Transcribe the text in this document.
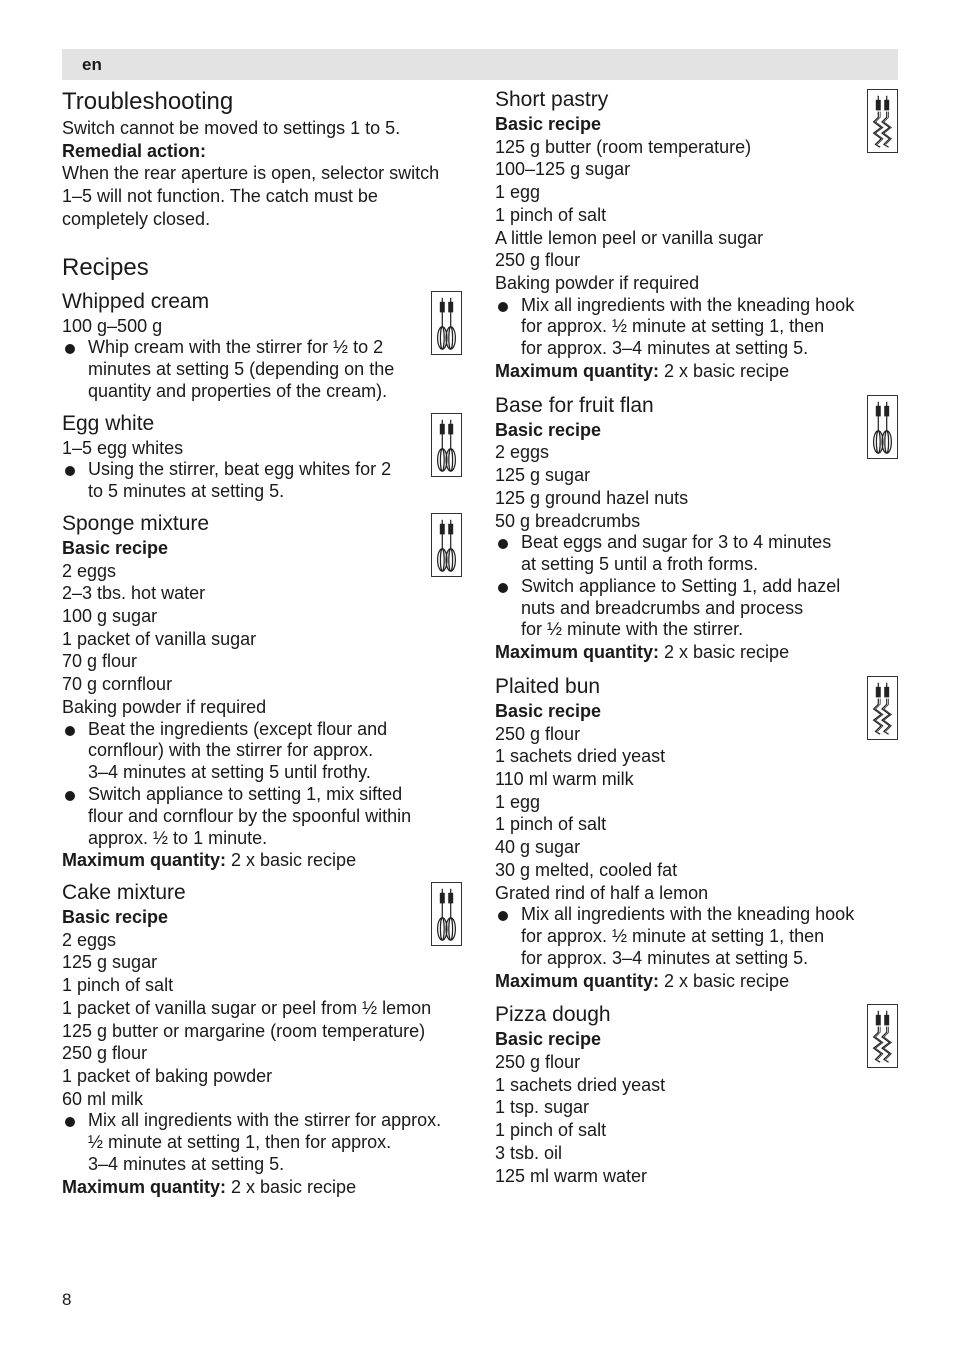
en
Troubleshooting

Switch cannot be moved to settings 1 to 5.

Remedial action:

When the rear aperture is open, selector switch

1–5 will not function. The catch must be

completely closed.

Recipes
Whipped cream

100 g–500 g

Whip cream with the stirrer for ½ to 2
minutes at setting 5 (depending on the
quantity and properties of the cream).
Egg white

1–5 egg whites

Using the stirrer, beat egg whites for 2
to 5 minutes at setting 5.
Sponge mixture

Basic recipe

2 eggs

2–3 tbs. hot water

100 g sugar

1 packet of vanilla sugar

70 g flour

70 g cornflour

Baking powder if required

Beat the ingredients (except flour and
cornflour) with the stirrer for approx.
3–4 minutes at setting 5 until frothy.
Switch appliance to setting 1, mix sifted
flour and cornflour by the spoonful within
approx. ½ to 1 minute.

Maximum quantity: 2 x basic recipe

Cake mixture

Basic recipe

2 eggs

125 g sugar

1 pinch of salt

1 packet of vanilla sugar or peel from ½ lemon

125 g butter or margarine (room temperature)

250 g flour

1 packet of baking powder

60 ml milk

Mix all ingredients with the stirrer for approx.
½ minute at setting 1, then for approx.
3–4 minutes at setting 5.

Maximum quantity: 2 x basic recipe

Short pastry

Basic recipe

125 g butter (room temperature)

100–125 g sugar

1 egg

1 pinch of salt

A little lemon peel or vanilla sugar

250 g flour

Baking powder if required

Mix all ingredients with the kneading hook
for approx. ½ minute at setting 1, then
for approx. 3–4 minutes at setting 5.

Maximum quantity: 2 x basic recipe

Base for fruit flan

Basic recipe

2 eggs

125 g sugar

125 g ground hazel nuts

50 g breadcrumbs

Beat eggs and sugar for 3 to 4 minutes
at setting 5 until a froth forms.
Switch appliance to Setting 1, add hazel
nuts and breadcrumbs and process
for ½ minute with the stirrer.

Maximum quantity: 2 x basic recipe

Plaited bun

Basic recipe

250 g flour

1 sachets dried yeast

110 ml warm milk

1 egg

1 pinch of salt

40 g sugar

30 g melted, cooled fat

Grated rind of half a lemon

Mix all ingredients with the kneading hook
for approx. ½ minute at setting 1, then
for approx. 3–4 minutes at setting 5.

Maximum quantity: 2 x basic recipe

Pizza dough

Basic recipe

250 g flour

1 sachets dried yeast

1 tsp. sugar

1 pinch of salt

3 tsb. oil

125 ml warm water

8
